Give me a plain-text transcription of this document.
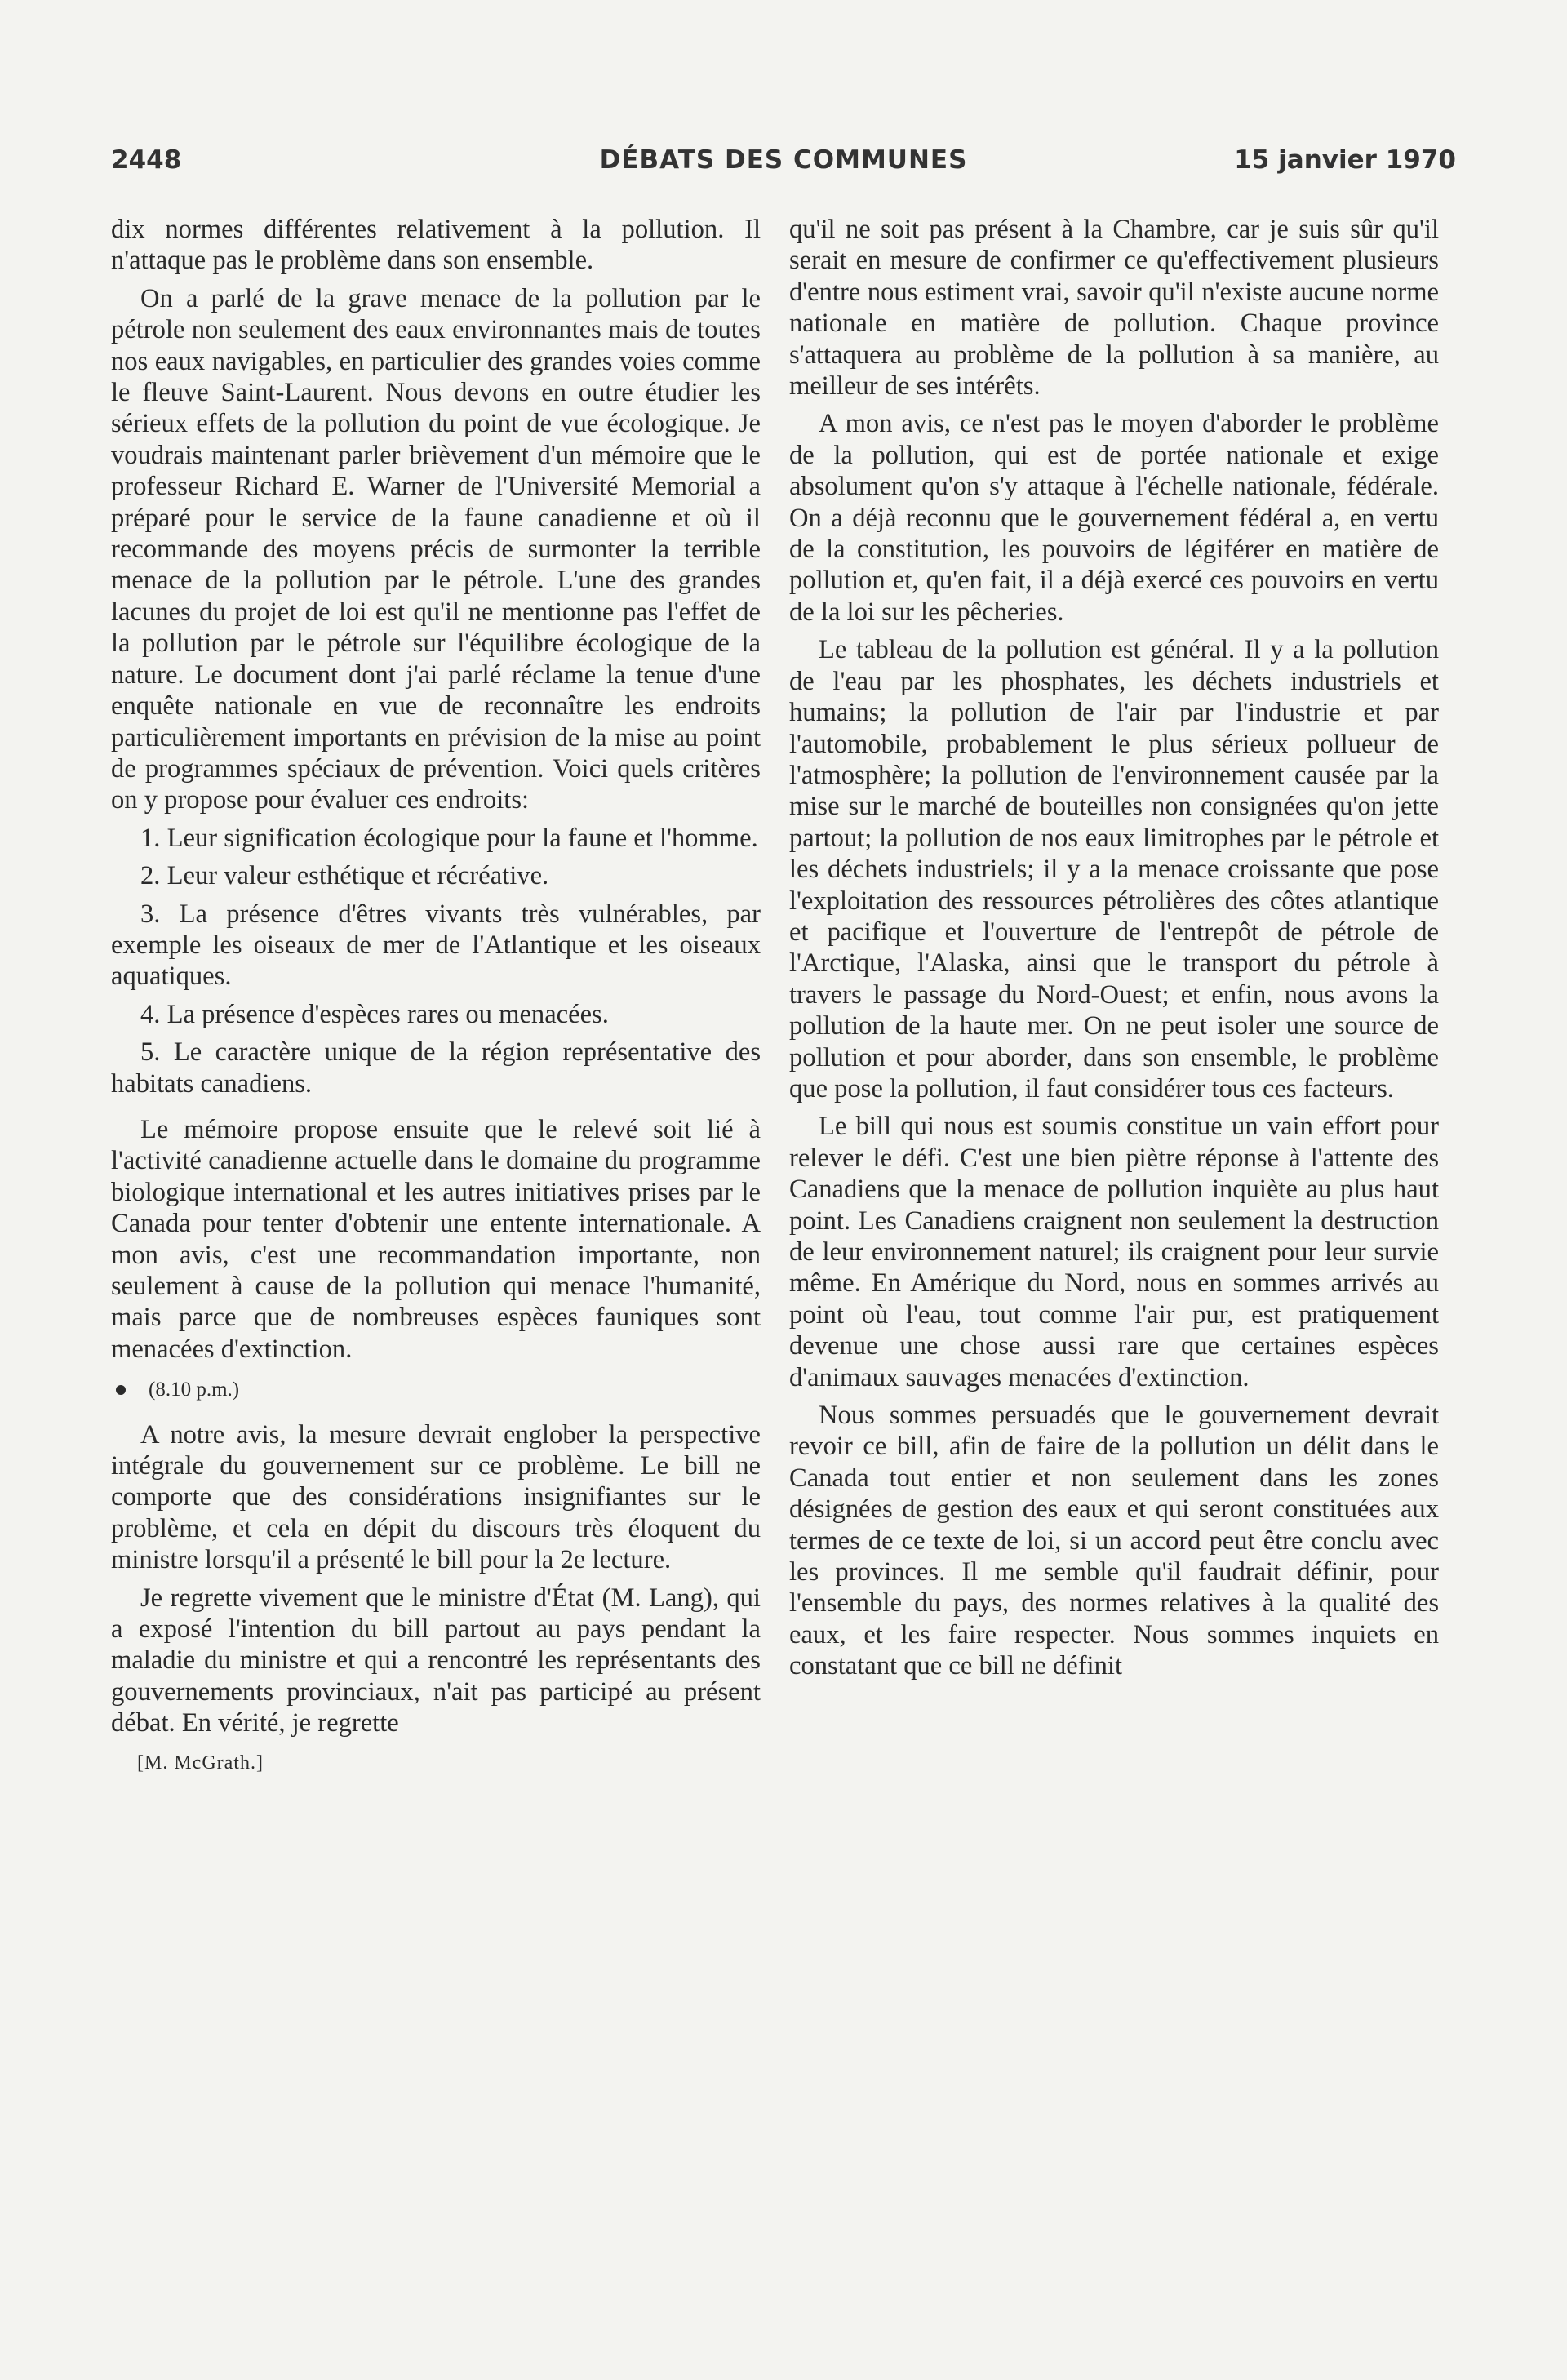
2448	DÉBATS DES COMMUNES	15 janvier 1970

dix normes différentes relativement à la pollution. Il n'attaque pas le problème dans son ensemble.

On a parlé de la grave menace de la pollution par le pétrole non seulement des eaux environnantes mais de toutes nos eaux navigables, en particulier des grandes voies comme le fleuve Saint-Laurent. Nous devons en outre étudier les sérieux effets de la pollution du point de vue écologique. Je voudrais maintenant parler brièvement d'un mémoire que le professeur Richard E. Warner de l'Université Memorial a préparé pour le service de la faune canadienne et où il recommande des moyens précis de surmonter la terrible menace de la pollution par le pétrole. L'une des grandes lacunes du projet de loi est qu'il ne mentionne pas l'effet de la pollution par le pétrole sur l'équilibre écologique de la nature. Le document dont j'ai parlé réclame la tenue d'une enquête nationale en vue de reconnaître les endroits particulièrement importants en prévision de la mise au point de programmes spéciaux de prévention. Voici quels critères on y propose pour évaluer ces endroits:

1. Leur signification écologique pour la faune et l'homme.

2. Leur valeur esthétique et récréative.

3. La présence d'êtres vivants très vulnérables, par exemple les oiseaux de mer de l'Atlantique et les oiseaux aquatiques.

4. La présence d'espèces rares ou menacées.

5. Le caractère unique de la région représentative des habitats canadiens.

Le mémoire propose ensuite que le relevé soit lié à l'activité canadienne actuelle dans le domaine du programme biologique international et les autres initiatives prises par le Canada pour tenter d'obtenir une entente internationale. A mon avis, c'est une recommandation importante, non seulement à cause de la pollution qui menace l'humanité, mais parce que de nombreuses espèces fauniques sont menacées d'extinction.

(8.10 p.m.)

A notre avis, la mesure devrait englober la perspective intégrale du gouvernement sur ce problème. Le bill ne comporte que des considérations insignifiantes sur le problème, et cela en dépit du discours très éloquent du ministre lorsqu'il a présenté le bill pour la 2e lecture.

Je regrette vivement que le ministre d'État (M. Lang), qui a exposé l'intention du bill partout au pays pendant la maladie du ministre et qui a rencontré les représentants des gouvernements provinciaux, n'ait pas participé au présent débat. En vérité, je regrette

[M. McGrath.]

qu'il ne soit pas présent à la Chambre, car je suis sûr qu'il serait en mesure de confirmer ce qu'effectivement plusieurs d'entre nous estiment vrai, savoir qu'il n'existe aucune norme nationale en matière de pollution. Chaque province s'attaquera au problème de la pollution à sa manière, au meilleur de ses intérêts.

A mon avis, ce n'est pas le moyen d'aborder le problème de la pollution, qui est de portée nationale et exige absolument qu'on s'y attaque à l'échelle nationale, fédérale. On a déjà reconnu que le gouvernement fédéral a, en vertu de la constitution, les pouvoirs de légiférer en matière de pollution et, qu'en fait, il a déjà exercé ces pouvoirs en vertu de la loi sur les pêcheries.

Le tableau de la pollution est général. Il y a la pollution de l'eau par les phosphates, les déchets industriels et humains; la pollution de l'air par l'industrie et par l'automobile, probablement le plus sérieux pollueur de l'atmosphère; la pollution de l'environnement causée par la mise sur le marché de bouteilles non consignées qu'on jette partout; la pollution de nos eaux limitrophes par le pétrole et les déchets industriels; il y a la menace croissante que pose l'exploitation des ressources pétrolières des côtes atlantique et pacifique et l'ouverture de l'entrepôt de pétrole de l'Arctique, l'Alaska, ainsi que le transport du pétrole à travers le passage du Nord-Ouest; et enfin, nous avons la pollution de la haute mer. On ne peut isoler une source de pollution et pour aborder, dans son ensemble, le problème que pose la pollution, il faut considérer tous ces facteurs.

Le bill qui nous est soumis constitue un vain effort pour relever le défi. C'est une bien piètre réponse à l'attente des Canadiens que la menace de pollution inquiète au plus haut point. Les Canadiens craignent non seulement la destruction de leur environnement naturel; ils craignent pour leur survie même. En Amérique du Nord, nous en sommes arrivés au point où l'eau, tout comme l'air pur, est pratiquement devenue une chose aussi rare que certaines espèces d'animaux sauvages menacées d'extinction.

Nous sommes persuadés que le gouvernement devrait revoir ce bill, afin de faire de la pollution un délit dans le Canada tout entier et non seulement dans les zones désignées de gestion des eaux et qui seront constituées aux termes de ce texte de loi, si un accord peut être conclu avec les provinces. Il me semble qu'il faudrait définir, pour l'ensemble du pays, des normes relatives à la qualité des eaux, et les faire respecter. Nous sommes inquiets en constatant que ce bill ne définit
